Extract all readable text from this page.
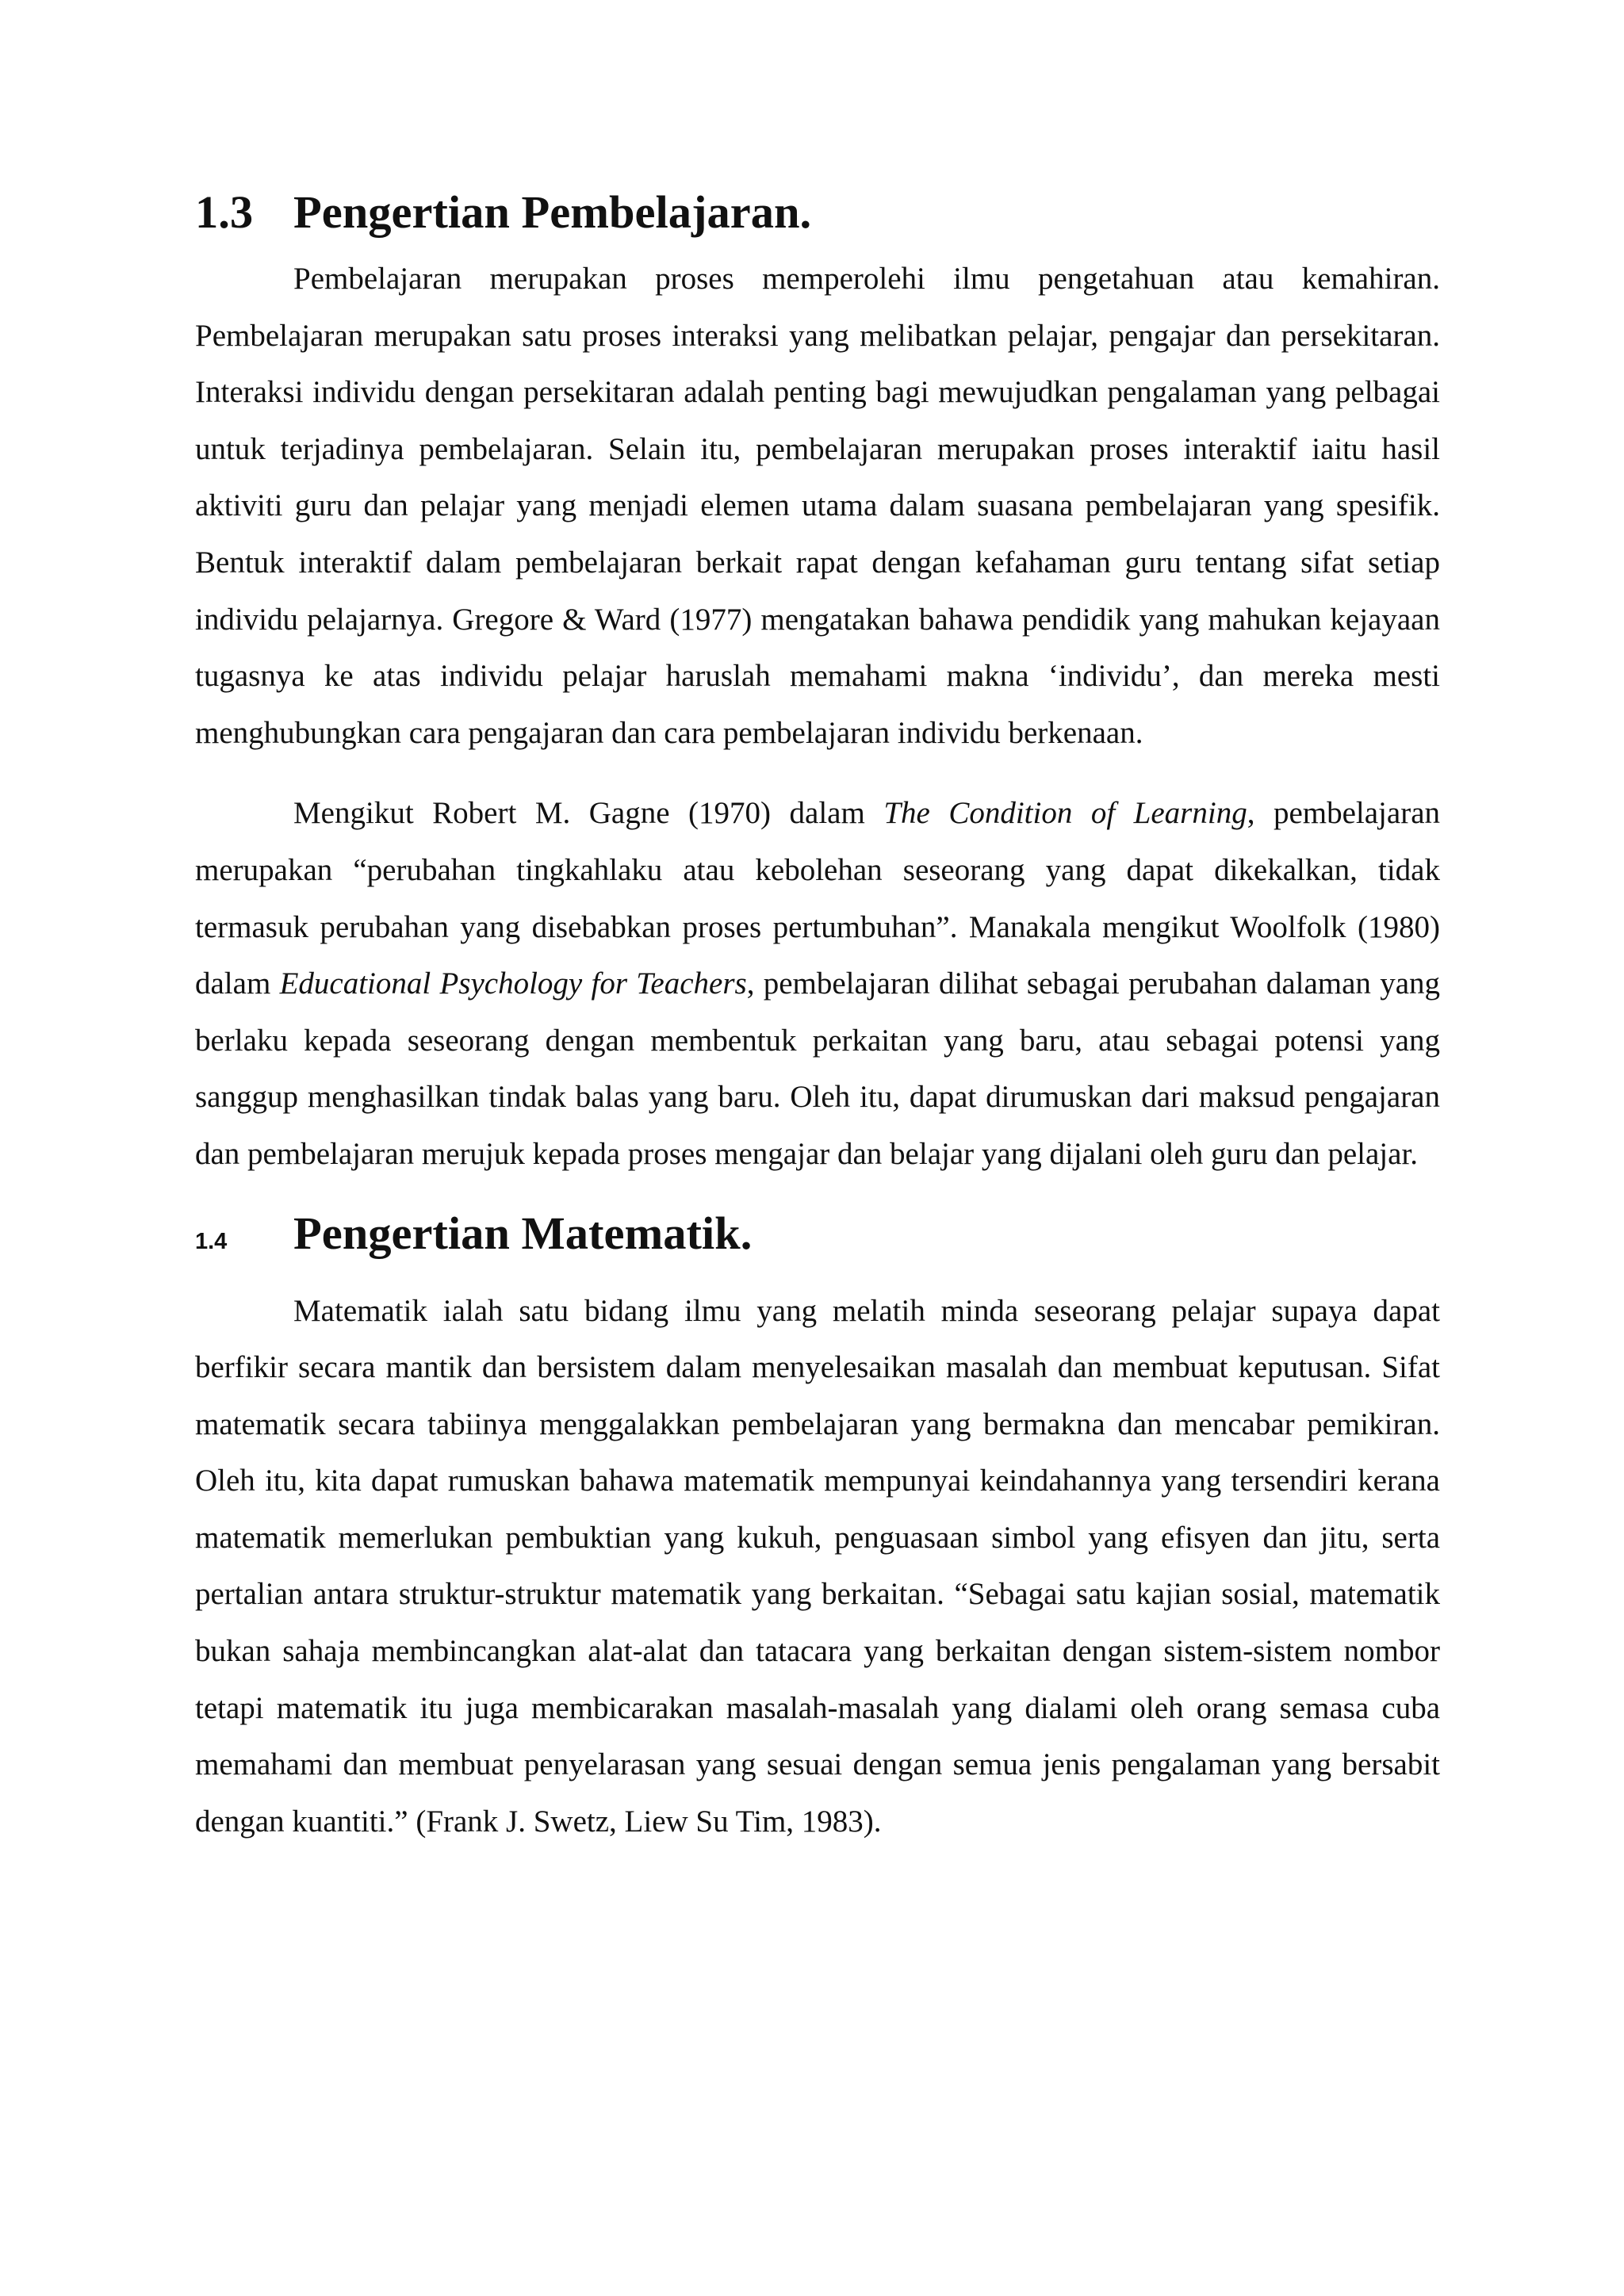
1.3 Pengertian Pembelajaran.

Pembelajaran merupakan proses memperolehi ilmu pengetahuan atau kemahiran. Pembelajaran merupakan satu proses interaksi yang melibatkan pelajar, pengajar dan persekitaran. Interaksi individu dengan persekitaran adalah penting bagi mewujudkan pengalaman yang pelbagai untuk terjadinya pembelajaran. Selain itu, pembelajaran merupakan proses interaktif iaitu hasil aktiviti guru dan pelajar yang menjadi elemen utama dalam suasana pembelajaran yang spesifik. Bentuk interaktif dalam pembelajaran berkait rapat dengan kefahaman guru tentang sifat setiap individu pelajarnya. Gregore & Ward (1977) mengatakan bahawa pendidik yang mahukan kejayaan tugasnya ke atas individu pelajar haruslah memahami makna ‘individu’, dan mereka mesti menghubungkan cara pengajaran dan cara pembelajaran individu berkenaan.

Mengikut Robert M. Gagne (1970) dalam The Condition of Learning, pembelajaran merupakan “perubahan tingkahlaku atau kebolehan seseorang yang dapat dikekalkan, tidak termasuk perubahan yang disebabkan proses pertumbuhan”. Manakala mengikut Woolfolk (1980) dalam Educational Psychology for Teachers, pembelajaran dilihat sebagai perubahan dalaman yang berlaku kepada seseorang dengan membentuk perkaitan yang baru, atau sebagai potensi yang sanggup menghasilkan tindak balas yang baru. Oleh itu, dapat dirumuskan dari maksud pengajaran dan pembelajaran merujuk kepada proses mengajar dan belajar yang dijalani oleh guru dan pelajar.

1.4	Pengertian Matematik.

Matematik ialah satu bidang ilmu yang melatih minda seseorang pelajar supaya dapat berfikir secara mantik dan bersistem dalam menyelesaikan masalah dan membuat keputusan. Sifat matematik secara tabiinya menggalakkan pembelajaran yang bermakna dan mencabar pemikiran. Oleh itu, kita dapat rumuskan bahawa matematik mempunyai keindahannya yang tersendiri kerana matematik memerlukan pembuktian yang kukuh, penguasaan simbol yang efisyen dan jitu, serta pertalian antara struktur-struktur matematik yang berkaitan. “Sebagai satu kajian sosial, matematik bukan sahaja membincangkan alat-alat dan tatacara yang berkaitan dengan sistem-sistem nombor tetapi matematik itu juga membicarakan masalah-masalah yang dialami oleh orang semasa cuba memahami dan membuat penyelarasan yang sesuai dengan semua jenis pengalaman yang bersabit dengan kuantiti.” (Frank J. Swetz, Liew Su Tim, 1983).
